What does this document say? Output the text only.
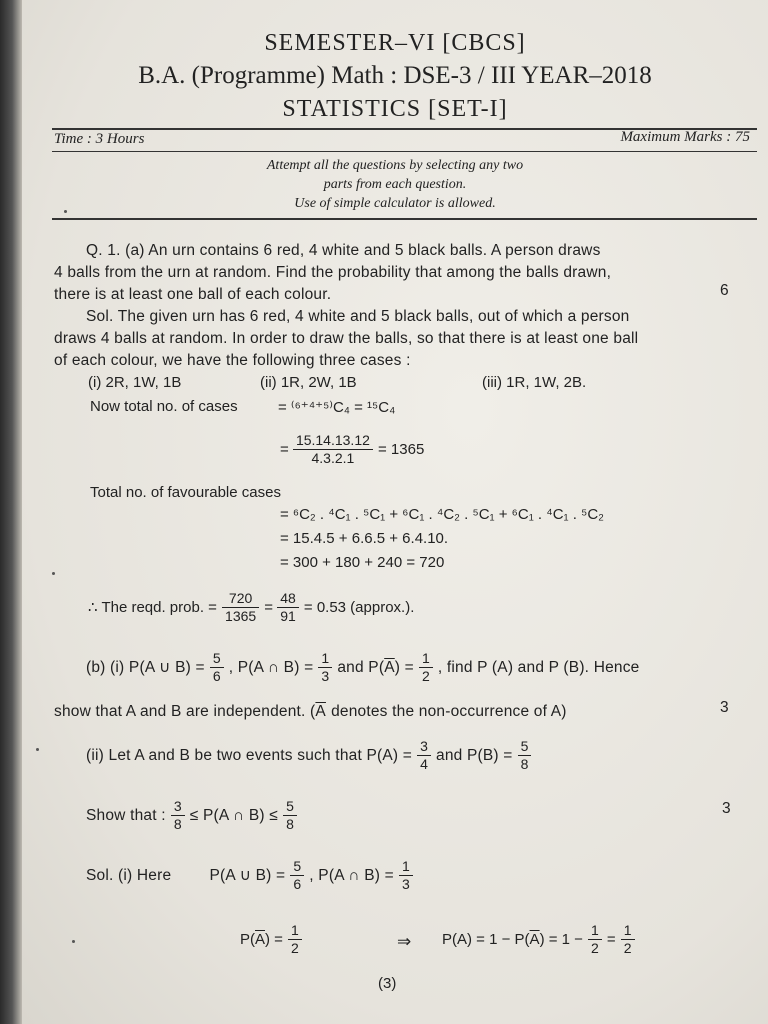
SEMESTER–VI [CBCS]
B.A. (Programme) Math : DSE-3 / III YEAR–2018
STATISTICS [SET-I]
Time : 3 Hours	Maximum Marks : 75
Attempt all the questions by selecting any two
parts from each question.
Use of simple calculator is allowed.
Q. 1. (a) An urn contains 6 red, 4 white and 5 black balls. A person draws
4 balls from the urn at random. Find the probability that among the balls drawn,
there is at least one ball of each colour.	6
Sol. The given urn has 6 red, 4 white and 5 black balls, out of which a person
draws 4 balls at random. In order to draw the balls, so that there is at least one ball
of each colour, we have the following three cases :
(i) 2R, 1W, 1B	(ii) 1R, 2W, 1B	(iii) 1R, 1W, 2B.
Now total no. of cases	= ⁽⁶⁺⁴⁺⁵⁾C₄ = ¹⁵C₄
= $\frac{15.14.13.12}{4.3.2.1} = 1365$
Total no. of favourable cases
= ⁶C₂ . ⁴C₁ . ⁵C₁ + ⁶C₁ . ⁴C₂ . ⁵C₁ + ⁶C₁ . ⁴C₁ . ⁵C₂
= 15.4.5 + 6.6.5 + 6.4.10.
= 300 + 180 + 240 = 720
∴ The reqd. prob. = $\frac{720}{1365} = \frac{48}{91} = 0.53$ (approx.).
(b) (i) P(A ∪ $B) = \frac{5}{6}$ , P(A ∩ $B) = \frac{1}{3}$ and $P(\overline{A}) = \frac{1}{2}$ , find P (A) and P (B). Hence
show that A and B are independent. ($\overline{A}$ denotes the non-occurrence of A)	3
(ii) Let A and B be two events such that $P(A) = \frac{3}{4}$ and $P(B) = \frac{5}{8}$
Show that : $\frac{3}{8} \le P(A$ ∩ $B) \le \frac{5}{8}$	3
Sol. (i) Here P(A ∪ $B) = \frac{5}{6}$ , P(A ∩ $B) = \frac{1}{3}$
$P(\overline{A}) = \frac{1}{2}$	⇒ $P(A) = 1 - P(\overline{A}) = 1 - \frac{1}{2} = \frac{1}{2}$
(3)
